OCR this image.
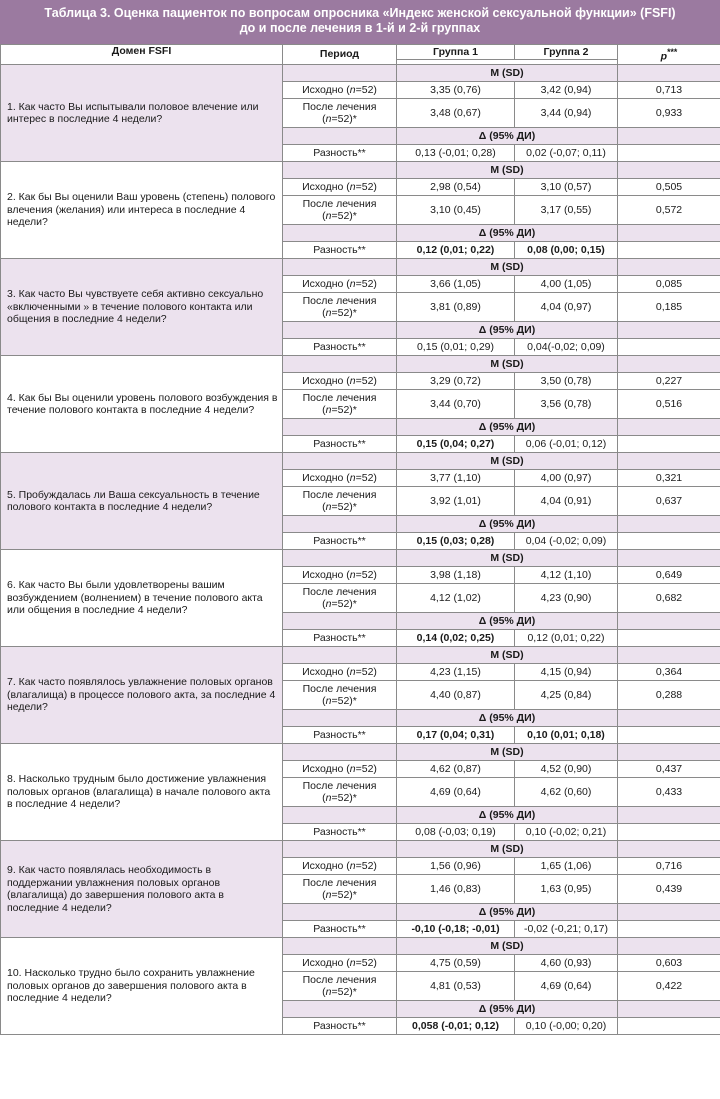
Таблица 3. Оценка пациенток по вопросам опросника «Индекс женской сексуальной функции» (FSFI)
до и после лечения в 1-й и 2-й группах
Домен FSFI	Период	Группа 1	Группа 2	p***

1. Как часто Вы испытывали половое влечение или интерес в последние 4 недели?		M (SD)		
	Исходно (n=52)	3,35 (0,76)	3,42 (0,94)	0,713
	После лечения
(n=52)*	3,48 (0,67)	3,44 (0,94)	0,933
		Δ (95% ДИ)		
	Разность**	0,13 (-0,01; 0,28)	0,02 (-0,07; 0,11)	
2. Как бы Вы оценили Ваш уровень (степень) полового влечения (желания) или интереса в последние 4 недели?		M (SD)		
	Исходно (n=52)	2,98 (0,54)	3,10 (0,57)	0,505
	После лечения
(n=52)*	3,10 (0,45)	3,17 (0,55)	0,572
		Δ (95% ДИ)		
	Разность**	0,12 (0,01; 0,22)	0,08 (0,00; 0,15)	
3. Как часто Вы чувствуете себя активно сексуально «включенными » в течение полового контакта или общения в последние 4 недели?		M (SD)		
	Исходно (n=52)	3,66 (1,05)	4,00 (1,05)	0,085
	После лечения
(n=52)*	3,81 (0,89)	4,04 (0,97)	0,185
		Δ (95% ДИ)		
	Разность**	0,15 (0,01; 0,29)	0,04(-0,02; 0,09)	
4. Как бы Вы оценили уровень полового возбуждения в течение полового контакта в последние 4 недели?		M (SD)		
	Исходно (n=52)	3,29 (0,72)	3,50 (0,78)	0,227
	После лечения
(n=52)*	3,44 (0,70)	3,56 (0,78)	0,516
		Δ (95% ДИ)		
	Разность**	0,15 (0,04; 0,27)	0,06 (-0,01; 0,12)	
5. Пробуждалась ли Ваша сексуальность в течение полового контакта в последние 4 недели?		M (SD)		
	Исходно (n=52)	3,77 (1,10)	4,00 (0,97)	0,321
	После лечения
(n=52)*	3,92 (1,01)	4,04 (0,91)	0,637
		Δ (95% ДИ)		
	Разность**	0,15 (0,03; 0,28)	0,04 (-0,02; 0,09)	
6. Как часто Вы были удовлетворены вашим возбуждением (волнением) в течение полового акта или общения в последние 4 недели?		M (SD)		
	Исходно (n=52)	3,98 (1,18)	4,12 (1,10)	0,649
	После лечения
(n=52)*	4,12 (1,02)	4,23 (0,90)	0,682
		Δ (95% ДИ)		
	Разность**	0,14 (0,02; 0,25)	0,12 (0,01; 0,22)	
7. Как часто появлялось увлажнение половых органов (влагалища) в процессе полового акта, за последние 4 недели?		M (SD)		
	Исходно (n=52)	4,23 (1,15)	4,15 (0,94)	0,364
	После лечения
(n=52)*	4,40 (0,87)	4,25 (0,84)	0,288
		Δ (95% ДИ)		
	Разность**	0,17 (0,04; 0,31)	0,10 (0,01; 0,18)	
8. Насколько трудным было достижение увлажнения половых органов (влагалища) в начале полового акта в последние 4 недели?		M (SD)		
	Исходно (n=52)	4,62 (0,87)	4,52 (0,90)	0,437
	После лечения
(n=52)*	4,69 (0,64)	4,62 (0,60)	0,433
		Δ (95% ДИ)		
	Разность**	0,08 (-0,03; 0,19)	0,10 (-0,02; 0,21)	
9. Как часто появлялась необходимость в поддержании увлажнения половых органов (влагалища) до завершения полового акта в последние 4 недели?		M (SD)		
	Исходно (n=52)	1,56 (0,96)	1,65 (1,06)	0,716
	После лечения
(n=52)*	1,46 (0,83)	1,63 (0,95)	0,439
		Δ (95% ДИ)		
	Разность**	-0,10 (-0,18; -0,01)	-0,02 (-0,21; 0,17)	
10. Насколько трудно было сохранить увлажнение половых органов до завершения полового акта в последние 4 недели?		M (SD)		
	Исходно (n=52)	4,75 (0,59)	4,60 (0,93)	0,603
	После лечения
(n=52)*	4,81 (0,53)	4,69 (0,64)	0,422
		Δ (95% ДИ)		
	Разность**	0,058 (-0,01; 0,12)	0,10 (-0,00; 0,20)	
